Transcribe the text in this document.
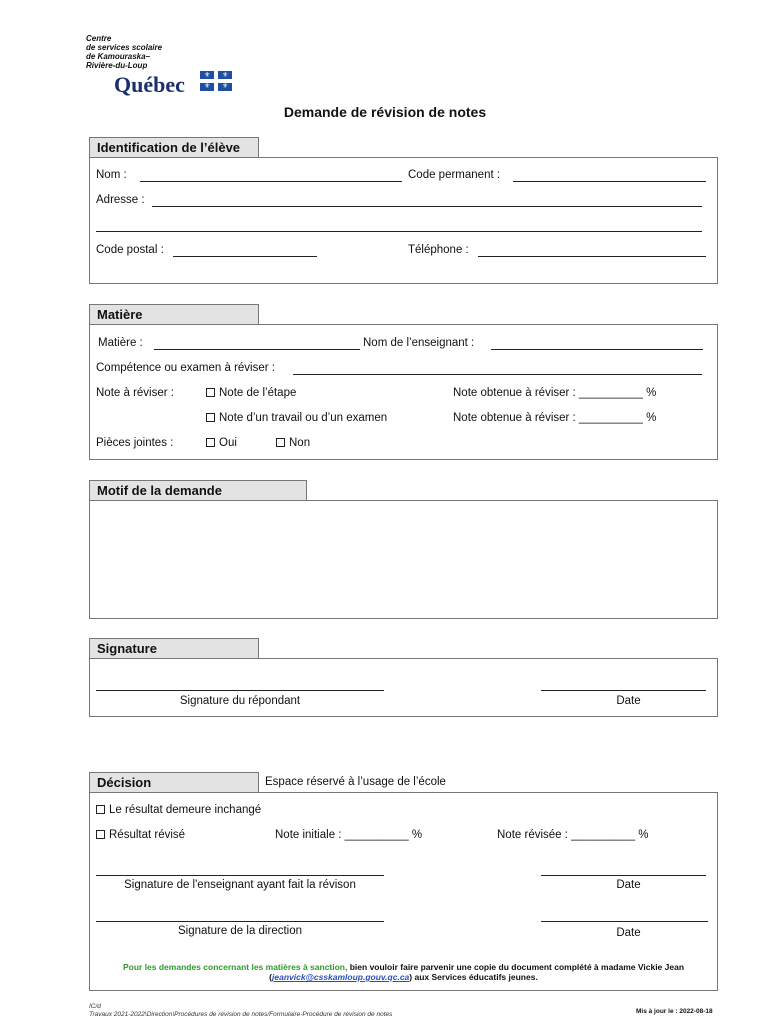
Centre
de services scolaire
de Kamouraska–
Rivière-du-Loup
Québec	⚜ ⚜
⚜ ⚜
Demande de révision de notes
Identification de l’élève
Nom :	Code permanent :
Adresse :
Code postal :	Téléphone :
Matière
Matière :	Nom de l’enseignant :
Compétence ou examen à réviser :
Note à réviser :	Note de l’étape	Note obtenue à réviser : __________ %
Note d’un travail ou d’un examen	Note obtenue à réviser : __________ %
Pièces jointes :	Oui	Non
Motif de la demande
Signature
Signature du répondant	Date
Décision	Espace réservé à l’usage de l’école
Le résultat demeure inchangé
Résultat révisé	Note initiale : __________ %	Note révisée : __________ %
Signature de l'enseignant ayant fait la révison	Date
Signature de la direction	Date
Pour les demandes concernant les matières à sanction, bien vouloir faire parvenir une copie du document complété à madame Vickie Jean
(jeanvick@csskamloup.gouv.qc.ca) aux Services éducatifs jeunes.
IC/d
Travaux 2021-2022\Direction\Procédures de révision de notes/Formulaire-Procédure de révision de notes	Mis à jour le : 2022-08-18
